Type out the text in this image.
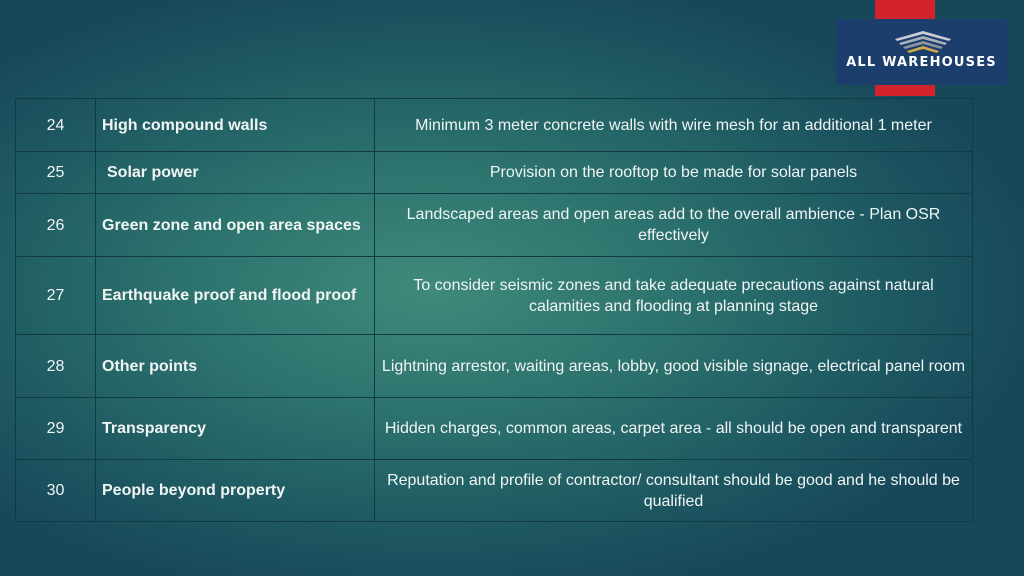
ALL WAREHOUSES
24	High compound walls	Minimum 3 meter concrete walls with wire mesh for an additional 1 meter
25	Solar power	Provision on the rooftop to be made for solar panels
26	Green zone and open area spaces	Landscaped areas and open areas add to the overall ambience - Plan OSR effectively
27	Earthquake proof and flood proof	To consider seismic zones and take adequate precautions against natural calamities and flooding at planning stage
28	Other points	Lightning arrestor, waiting areas, lobby, good visible signage, electrical panel room
29	Transparency	Hidden charges, common areas, carpet area - all should be open and transparent
30	People beyond property	Reputation and profile of contractor/ consultant should be good and he should be qualified
